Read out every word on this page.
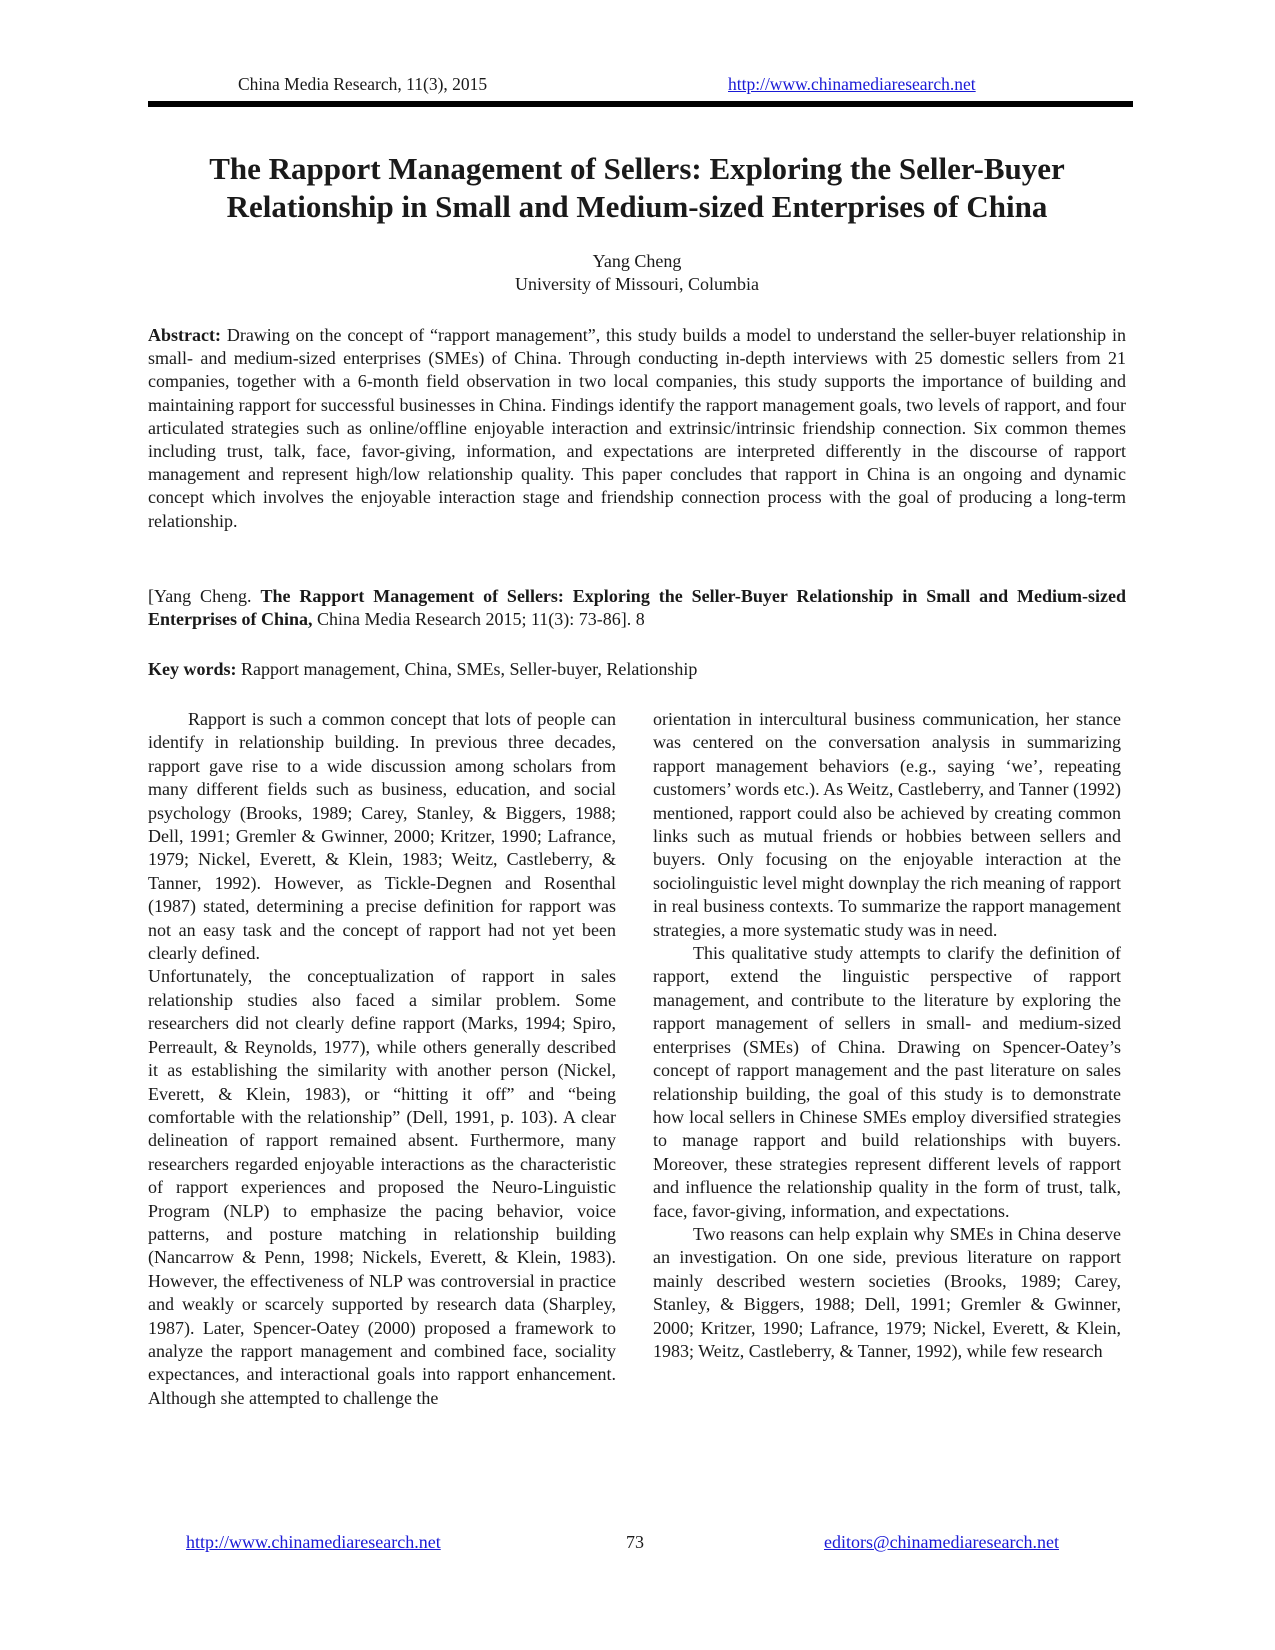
China Media Research, 11(3), 2015	http://www.chinamediaresearch.net
The Rapport Management of Sellers: Exploring the Seller-Buyer
Relationship in Small and Medium-sized Enterprises of China
Yang Cheng
University of Missouri, Columbia
Abstract: Drawing on the concept of “rapport management”, this study builds a model to understand the seller-buyer relationship in small- and medium-sized enterprises (SMEs) of China. Through conducting in-depth interviews with 25 domestic sellers from 21 companies, together with a 6-month field observation in two local companies, this study supports the importance of building and maintaining rapport for successful businesses in China. Findings identify the rapport management goals, two levels of rapport, and four articulated strategies such as online/offline enjoyable interaction and extrinsic/intrinsic friendship connection. Six common themes including trust, talk, face, favor-giving, information, and expectations are interpreted differently in the discourse of rapport management and represent high/low relationship quality. This paper concludes that rapport in China is an ongoing and dynamic concept which involves the enjoyable interaction stage and friendship connection process with the goal of producing a long-term relationship.
[Yang Cheng. The Rapport Management of Sellers: Exploring the Seller-Buyer Relationship in Small and Medium-sized Enterprises of China, China Media Research 2015; 11(3): 73-86]. 8
Key words: Rapport management, China, SMEs, Seller-buyer, Relationship

Rapport is such a common concept that lots of people can identify in relationship building. In previous three decades, rapport gave rise to a wide discussion among scholars from many different fields such as business, education, and social psychology (Brooks, 1989; Carey, Stanley, & Biggers, 1988; Dell, 1991; Gremler & Gwinner, 2000; Kritzer, 1990; Lafrance, 1979; Nickel, Everett, & Klein, 1983; Weitz, Castleberry, & Tanner, 1992). However, as Tickle-Degnen and Rosenthal (1987) stated, determining a precise definition for rapport was not an easy task and the concept of rapport had not yet been clearly defined.

Unfortunately, the conceptualization of rapport in sales relationship studies also faced a similar problem. Some researchers did not clearly define rapport (Marks, 1994; Spiro, Perreault, & Reynolds, 1977), while others generally described it as establishing the similarity with another person (Nickel, Everett, & Klein, 1983), or “hitting it off” and “being comfortable with the relationship” (Dell, 1991, p. 103). A clear delineation of rapport remained absent. Furthermore, many researchers regarded enjoyable interactions as the characteristic of rapport experiences and proposed the Neuro-Linguistic Program (NLP) to emphasize the pacing behavior, voice patterns, and posture matching in relationship building (Nancarrow & Penn, 1998; Nickels, Everett, & Klein, 1983). However, the effectiveness of NLP was controversial in practice and weakly or scarcely supported by research data (Sharpley, 1987). Later, Spencer-Oatey (2000) proposed a framework to analyze the rapport management and combined face, sociality expectances, and interactional goals into rapport enhancement. Although she attempted to challenge the

orientation in intercultural business communication, her stance was centered on the conversation analysis in summarizing rapport management behaviors (e.g., saying ‘we’, repeating customers’ words etc.). As Weitz, Castleberry, and Tanner (1992) mentioned, rapport could also be achieved by creating common links such as mutual friends or hobbies between sellers and buyers. Only focusing on the enjoyable interaction at the sociolinguistic level might downplay the rich meaning of rapport in real business contexts. To summarize the rapport management strategies, a more systematic study was in need.

This qualitative study attempts to clarify the definition of rapport, extend the linguistic perspective of rapport management, and contribute to the literature by exploring the rapport management of sellers in small- and medium-sized enterprises (SMEs) of China. Drawing on Spencer-Oatey’s concept of rapport management and the past literature on sales relationship building, the goal of this study is to demonstrate how local sellers in Chinese SMEs employ diversified strategies to manage rapport and build relationships with buyers. Moreover, these strategies represent different levels of rapport and influence the relationship quality in the form of trust, talk, face, favor-giving, information, and expectations.

Two reasons can help explain why SMEs in China deserve an investigation. On one side, previous literature on rapport mainly described western societies (Brooks, 1989; Carey, Stanley, & Biggers, 1988; Dell, 1991; Gremler & Gwinner, 2000; Kritzer, 1990; Lafrance, 1979; Nickel, Everett, & Klein, 1983; Weitz, Castleberry, & Tanner, 1992), while few research

http://www.chinamediaresearch.net	73	editors@chinamediaresearch.net
